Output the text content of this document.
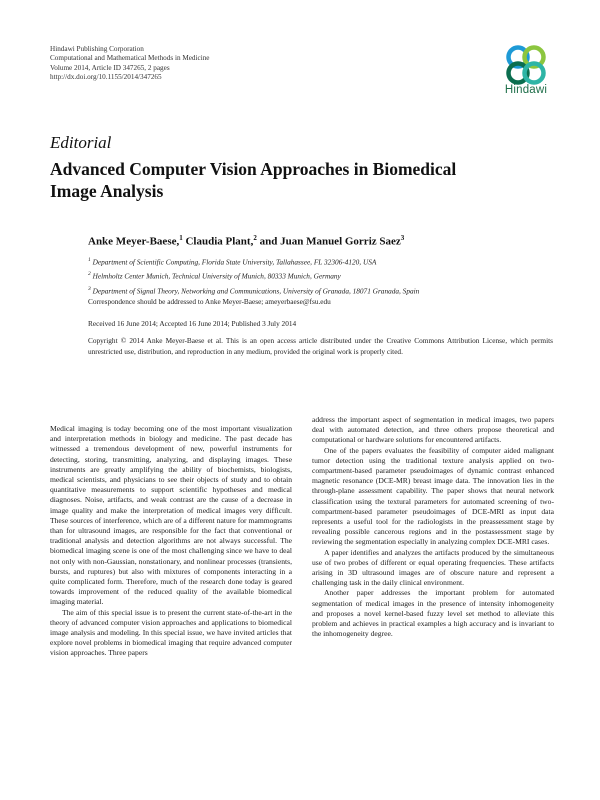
Hindawi Publishing Corporation
Computational and Mathematical Methods in Medicine
Volume 2014, Article ID 347265, 2 pages
http://dx.doi.org/10.1155/2014/347265
Hindawi
Editorial
Advanced Computer Vision Approaches in Biomedical Image Analysis
Anke Meyer-Baese,$^1$ Claudia Plant,$^2$ and Juan Manuel Gorriz Saez$^3$
$^1$ Department of Scientific Computing, Florida State University, Tallahassee, FL 32306-4120, USA
$^2$ Helmholtz Center Munich, Technical University of Munich, 80333 Munich, Germany
$^3$ Department of Signal Theory, Networking and Communications, University of Granada, 18071 Granada, Spain
Correspondence should be addressed to Anke Meyer-Baese; ameyerbaese@fsu.edu
Received 16 June 2014; Accepted 16 June 2014; Published 3 July 2014
Copyright © 2014 Anke Meyer-Baese et al. This is an open access article distributed under the Creative Commons Attribution License, which permits unrestricted use, distribution, and reproduction in any medium, provided the original work is properly cited.

Medical imaging is today becoming one of the most important visualization and interpretation methods in biology and medicine. The past decade has witnessed a tremendous development of new, powerful instruments for detecting, storing, transmitting, analyzing, and displaying images. These instruments are greatly amplifying the ability of biochemists, biologists, medical scientists, and physicians to see their objects of study and to obtain quantitative measurements to support scientific hypotheses and medical diagnoses. Noise, artifacts, and weak contrast are the cause of a decrease in image quality and make the interpretation of medical images very difficult. These sources of interference, which are of a different nature for mammograms than for ultrasound images, are responsible for the fact that conventional or traditional analysis and detection algorithms are not always successful. The biomedical imaging scene is one of the most challenging since we have to deal not only with non-Gaussian, nonstationary, and nonlinear processes (transients, bursts, and ruptures) but also with mixtures of components interacting in a quite complicated form. Therefore, much of the research done today is geared towards improvement of the reduced quality of the available biomedical imaging material.

The aim of this special issue is to present the current state-of-the-art in the theory of advanced computer vision approaches and applications to biomedical image analysis and modeling. In this special issue, we have invited articles that explore novel problems in biomedical imaging that require advanced computer vision approaches. Three papers

address the important aspect of segmentation in medical images, two papers deal with automated detection, and three others propose theoretical and computational or hardware solutions for encountered artifacts.

One of the papers evaluates the feasibility of computer aided malignant tumor detection using the traditional texture analysis applied on two-compartment-based parameter pseudoimages of dynamic contrast enhanced magnetic resonance (DCE-MR) breast image data. The innovation lies in the through-plane assessment capability. The paper shows that neural network classification using the textural parameters for automated screening of two-compartment-based parameter pseudoimages of DCE-MRI as input data represents a useful tool for the radiologists in the preassessment stage by revealing possible cancerous regions and in the postassessment stage by reviewing the segmentation especially in analyzing complex DCE-MRI cases.

A paper identifies and analyzes the artifacts produced by the simultaneous use of two probes of different or equal operating frequencies. These artifacts arising in 3D ultrasound images are of obscure nature and represent a challenging task in the daily clinical environment.

Another paper addresses the important problem for automated segmentation of medical images in the presence of intensity inhomogeneity and proposes a novel kernel-based fuzzy level set method to alleviate this problem and achieves in practical examples a high accuracy and is invariant to the inhomogeneity degree.
